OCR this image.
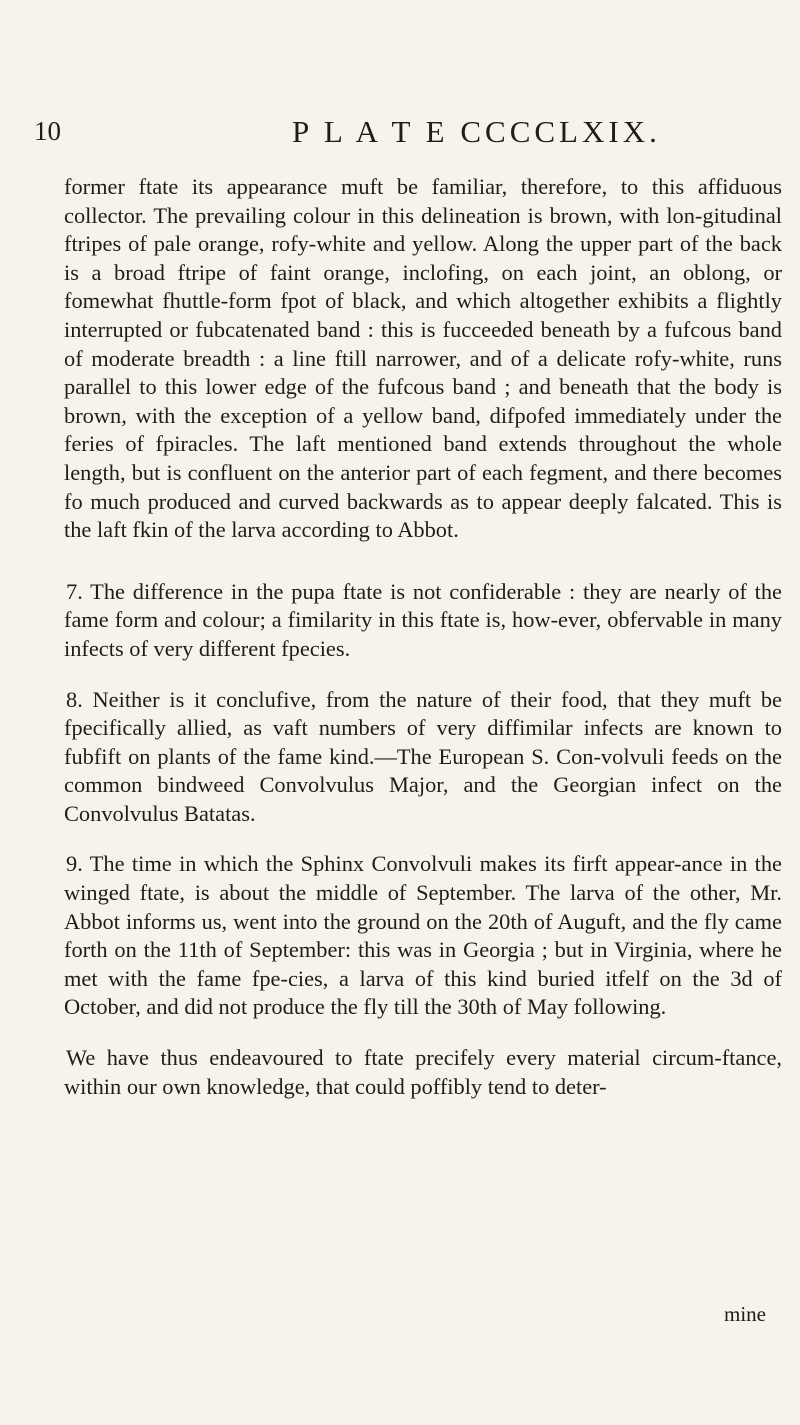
10	P L A T E CCCCLXIX.

former ftate its appearance muft be familiar, therefore, to this affiduous collector. The prevailing colour in this delineation is brown, with lon-gitudinal ftripes of pale orange, rofy-white and yellow. Along the upper part of the back is a broad ftripe of faint orange, inclofing, on each joint, an oblong, or fomewhat fhuttle-form fpot of black, and which altogether exhibits a flightly interrupted or fubcatenated band : this is fucceeded beneath by a fufcous band of moderate breadth : a line ftill narrower, and of a delicate rofy-white, runs parallel to this lower edge of the fufcous band ; and beneath that the body is brown, with the exception of a yellow band, difpofed immediately under the feries of fpiracles. The laft mentioned band extends throughout the whole length, but is confluent on the anterior part of each fegment, and there becomes fo much produced and curved backwards as to appear deeply falcated. This is the laft fkin of the larva according to Abbot.

7. The difference in the pupa ftate is not confiderable : they are nearly of the fame form and colour; a fimilarity in this ftate is, how-ever, obfervable in many infects of very different fpecies.

8. Neither is it conclufive, from the nature of their food, that they muft be fpecifically allied, as vaft numbers of very diffimilar infects are known to fubfift on plants of the fame kind.—The European S. Con-volvuli feeds on the common bindweed Convolvulus Major, and the Georgian infect on the Convolvulus Batatas.

9. The time in which the Sphinx Convolvuli makes its firft appear-ance in the winged ftate, is about the middle of September. The larva of the other, Mr. Abbot informs us, went into the ground on the 20th of Auguft, and the fly came forth on the 11th of September: this was in Georgia ; but in Virginia, where he met with the fame fpe-cies, a larva of this kind buried itfelf on the 3d of October, and did not produce the fly till the 30th of May following.

We have thus endeavoured to ftate precifely every material circum-ftance, within our own knowledge, that could poffibly tend to deter-

mine
